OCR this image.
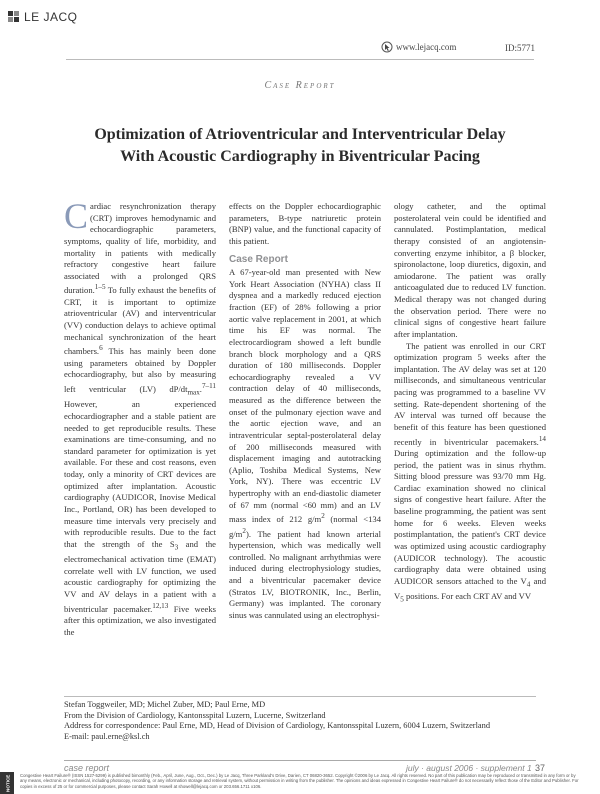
LE JACQ
www.lejacq.com	ID:5771
Case Report
Optimization of Atrioventricular and Interventricular Delay
With Acoustic Cardiography in Biventricular Pacing

Cardiac resynchronization therapy (CRT) improves hemodynamic and echocardiographic parameters, symptoms, quality of life, morbidity, and mortality in patients with medically refractory congestive heart failure associated with a prolonged QRS duration.$^{1-5}$ To fully exhaust the benefits of CRT, it is important to optimize atrioventricular (AV) and interventricular (VV) conduction delays to achieve optimal mechanical synchronization of the heart chambers.$^6$ This has mainly been done using parameters obtained by Doppler echocardiography, but also by measuring left ventricular (LV) $dP/dt_{max}.^{7-11}$ However, an experienced echocardiographer and a stable patient are needed to get reproducible results. These examinations are time-consuming, and no standard parameter for optimization is yet available. For these and cost reasons, even today, only a minority of CRT devices are optimized after implantation. Acoustic cardiography (AUDICOR, Inovise Medical Inc., Portland, OR) has been developed to measure time intervals very precisely and with reproducible results. Due to the fact that the strength of the $S_3$ and the electromechanical activation time (EMAT) correlate well with LV function, we used acoustic cardiography for optimizing the VV and AV delays in a patient with a biventricular pacemaker.$^{12,13}$ Five weeks after this optimization, we also investigated the

effects on the Doppler echocardiographic parameters, B-type natriuretic protein (BNP) value, and the functional capacity of this patient.

Case Report

A 67-year-old man presented with New York Heart Association (NYHA) class II dyspnea and a markedly reduced ejection fraction (EF) of 28% following a prior aortic valve replacement in 2001, at which time his EF was normal. The electrocardiogram showed a left bundle branch block morphology and a QRS duration of 180 milliseconds. Doppler echocardiography revealed a VV contraction delay of 40 milliseconds, measured as the difference between the onset of the pulmonary ejection wave and the aortic ejection wave, and an intraventricular septal-posterolateral delay of 200 milliseconds measured with displacement imaging and autotracking (Aplio, Toshiba Medical Systems, New York, NY). There was eccentric LV hypertrophy with an end-diastolic diameter of 67 mm (normal <60 mm) and an LV mass index of 212 $g/m^2$ (normal <134 $g/m^2$). The patient had known arterial hypertension, which was medically well controlled. No malignant arrhythmias were induced during electrophysiology studies, and a biventricular pacemaker device (Stratos LV, BIOTRONIK, Inc., Berlin, Germany) was implanted. The coronary sinus was cannulated using an electrophysi-

ology catheter, and the optimal posterolateral vein could be identified and cannulated. Postimplantation, medical therapy consisted of an angiotensin-converting enzyme inhibitor, a β blocker, spironolactone, loop diuretics, digoxin, and amiodarone. The patient was orally anticoagulated due to reduced LV function. Medical therapy was not changed during the observation period. There were no clinical signs of congestive heart failure after implantation.

The patient was enrolled in our CRT optimization program 5 weeks after the implantation. The AV delay was set at 120 milliseconds, and simultaneous ventricular pacing was programmed to a baseline VV setting. Rate-dependent shortening of the AV interval was turned off because the benefit of this feature has been questioned recently in biventricular pacemakers.$^{14}$ During optimization and the follow-up period, the patient was in sinus rhythm. Sitting blood pressure was 93/70 mm Hg. Cardiac examination showed no clinical signs of congestive heart failure. After the baseline programming, the patient was sent home for 6 weeks. Eleven weeks postimplantation, the patient's CRT device was optimized using acoustic cardiography (AUDICOR technology). The acoustic cardiography data were obtained using AUDICOR sensors attached to the $V_4$ and $V_5$ positions. For each CRT AV and VV

Stefan Toggweiler, MD; Michel Zuber, MD; Paul Erne, MD
From the Division of Cardiology, Kantonsspital Luzern, Lucerne, Switzerland
Address for correspondence: Paul Erne, MD, Head of Division of Cardiology, Kantonsspital Luzern, 6004 Luzern, Switzerland
E-mail: paul.erne@ksl.ch
case report	july · august 2006 · supplement 1 37
NOTICE Congestive Heart Failure® (ISSN 1527-5299) is published bimonthly (Feb., April, June, Aug., Oct., Dec.) by Le Jacq, Three Parkland's Drive, Darien, CT 06820-3652. Copyright ©2006 by Le Jacq. All rights reserved. No part of this publication may be reproduced or transmitted in any form or by any means, electronic or mechanical, including photocopy, recording, or any information storage and retrieval system, without permission in writing from the publisher. The opinions and ideas expressed in Congestive Heart Failure® do not necessarily reflect those of the Editor and Publisher. For copies in excess of 25 or for commercial purposes, please contact Sarah Howell at showell@lejacq.com or 203.656.1711 x106.
